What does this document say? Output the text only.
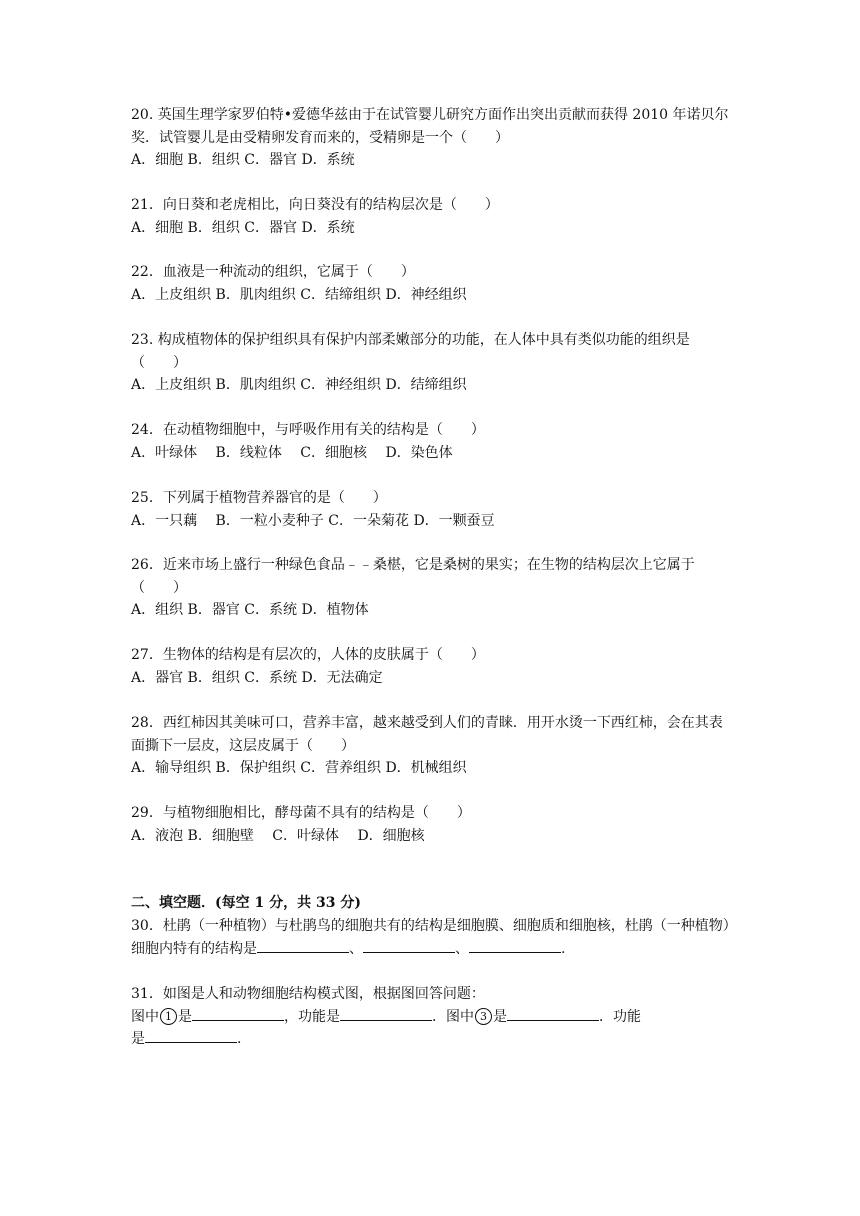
20. 英国生理学家罗伯特•爱德华兹由于在试管婴儿研究方面作出突出贡献而获得 2010 年诺贝尔奖．试管婴儿是由受精卵发育而来的，受精卵是一个（　　）

A．细胞 B．组织 C．器官 D．系统

21．向日葵和老虎相比，向日葵没有的结构层次是（　　）

A．细胞 B．组织 C．器官 D．系统

22．血液是一种流动的组织，它属于（　　）

A．上皮组织 B．肌肉组织 C．结缔组织 D．神经组织

23. 构成植物体的保护组织具有保护内部柔嫩部分的功能，在人体中具有类似功能的组织是（　　）

A．上皮组织 B．肌肉组织 C．神经组织 D．结缔组织

24．在动植物细胞中，与呼吸作用有关的结构是（　　）

A．叶绿体　 B．线粒体　 C．细胞核　 D．染色体

25．下列属于植物营养器官的是（　　）

A．一只藕　 B．一粒小麦种子 C．一朵菊花 D．一颗蚕豆

26．近来市场上盛行一种绿色食品﹣﹣桑椹，它是桑树的果实；在生物的结构层次上它属于（　　）

A．组织 B．器官 C．系统 D．植物体

27．生物体的结构是有层次的，人体的皮肤属于（　　）

A．器官 B．组织 C．系统 D．无法确定

28．西红柿因其美味可口，营养丰富，越来越受到人们的青睐．用开水烫一下西红柿，会在其表面撕下一层皮，这层皮属于（　　）

A．输导组织 B．保护组织 C．营养组织 D．机械组织

29．与植物细胞相比，酵母菌不具有的结构是（　　）

A．液泡 B．细胞壁　 C．叶绿体　 D．细胞核

二、填空题．(每空 1 分，共 33 分)
30．杜鹃（一种植物）与杜鹃鸟的细胞共有的结构是细胞膜、细胞质和细胞核，杜鹃（一种植物）细胞内特有的结构是	、	、	.

31．如图是人和动物细胞结构模式图，根据图回答问题：

图中 1 是	，功能是	．图中 3 是	．功能

是	.
